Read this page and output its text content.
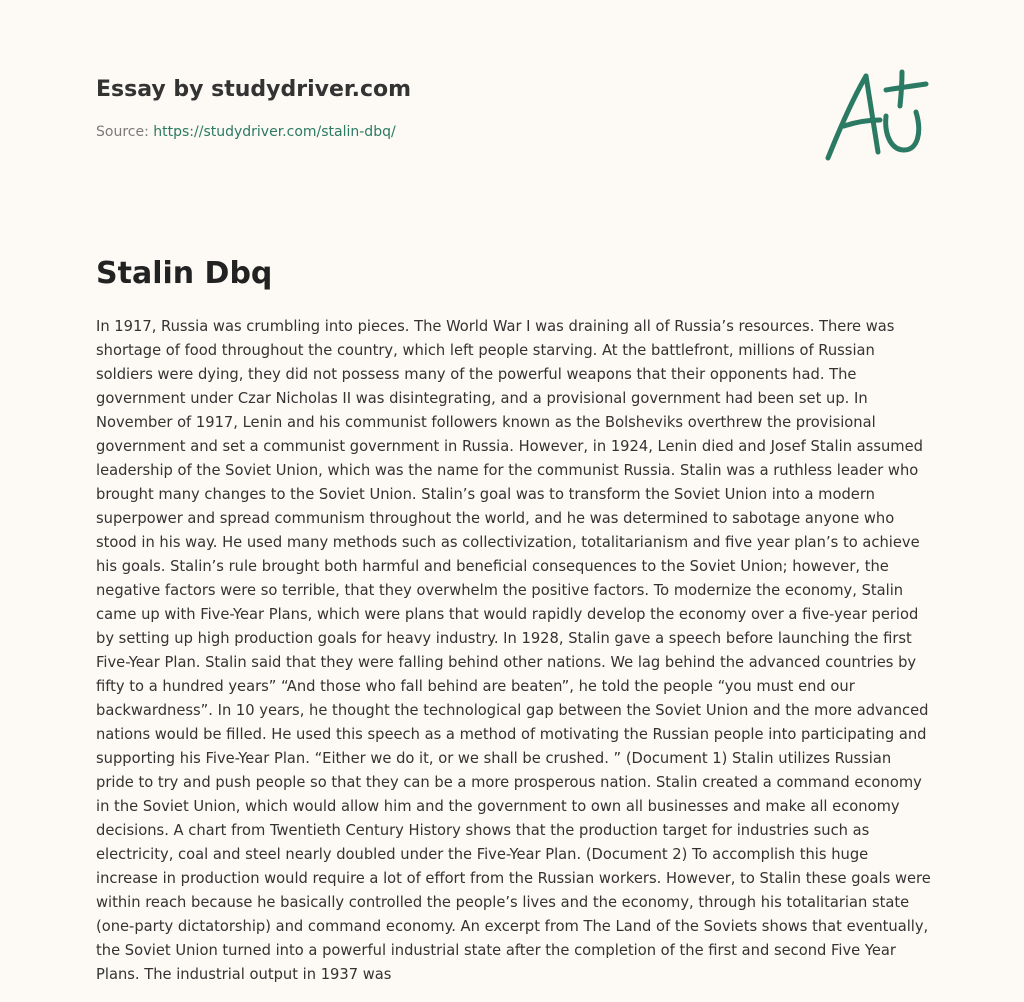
Essay by studydriver.com
Source: https://studydriver.com/stalin-dbq/
Stalin Dbq

In 1917, Russia was crumbling into pieces. The World War I was draining all of Russia’s resources. There was shortage of food throughout the country, which left people starving. At the battlefront, millions of Russian soldiers were dying, they did not possess many of the powerful weapons that their opponents had. The government under Czar Nicholas II was disintegrating, and a provisional government had been set up. In November of 1917, Lenin and his communist followers known as the Bolsheviks overthrew the provisional government and set a communist government in Russia. However, in 1924, Lenin died and Josef Stalin assumed leadership of the Soviet Union, which was the name for the communist Russia. Stalin was a ruthless leader who brought many changes to the Soviet Union. Stalin’s goal was to transform the Soviet Union into a modern superpower and spread communism throughout the world, and he was determined to sabotage anyone who stood in his way. He used many methods such as collectivization, totalitarianism and five year plan’s to achieve his goals. Stalin’s rule brought both harmful and beneficial consequences to the Soviet Union; however, the negative factors were so terrible, that they overwhelm the positive factors. To modernize the economy, Stalin came up with Five-Year Plans, which were plans that would rapidly develop the economy over a five-year period by setting up high production goals for heavy industry. In 1928, Stalin gave a speech before launching the first Five-Year Plan. Stalin said that they were falling behind other nations. We lag behind the advanced countries by fifty to a hundred years” “And those who fall behind are beaten”, he told the people “you must end our backwardness”. In 10 years, he thought the technological gap between the Soviet Union and the more advanced nations would be filled. He used this speech as a method of motivating the Russian people into participating and supporting his Five-Year Plan. “Either we do it, or we shall be crushed. ” (Document 1) Stalin utilizes Russian pride to try and push people so that they can be a more prosperous nation. Stalin created a command economy in the Soviet Union, which would allow him and the government to own all businesses and make all economy decisions. A chart from Twentieth Century History shows that the production target for industries such as electricity, coal and steel nearly doubled under the Five-Year Plan. (Document 2) To accomplish this huge increase in production would require a lot of effort from the Russian workers. However, to Stalin these goals were within reach because he basically controlled the people’s lives and the economy, through his totalitarian state (one-party dictatorship) and command economy. An excerpt from The Land of the Soviets shows that eventually, the Soviet Union turned into a powerful industrial state after the completion of the first and second Five Year Plans. The industrial output in 1937 was
